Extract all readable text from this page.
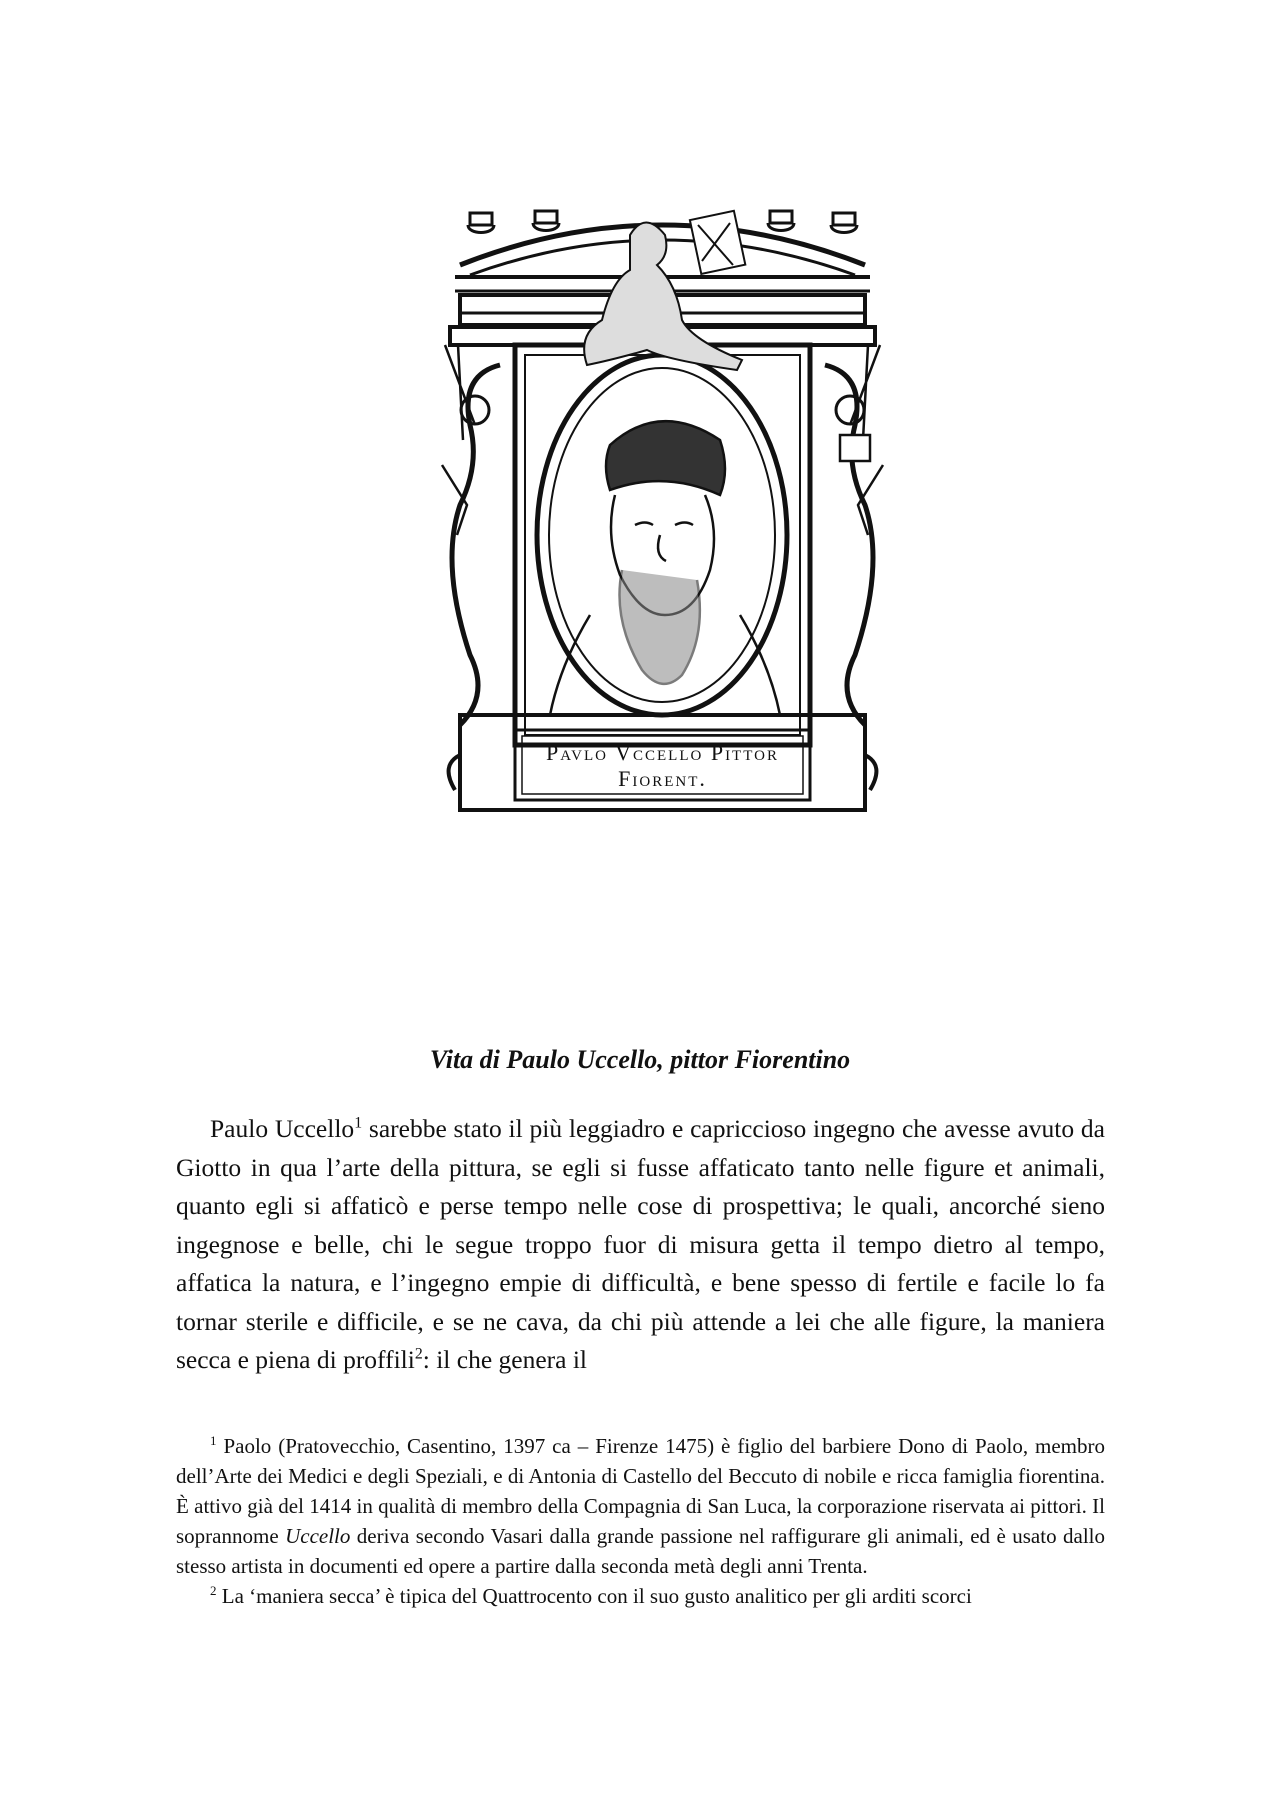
Pavlo Vccello Pittor
Fiorent.
Vita di Paulo Uccello, pittor Fiorentino

Paulo Uccello$^1$ sarebbe stato il più leggiadro e capriccioso ingegno che avesse avuto da Giotto in qua l’arte della pittura, se egli si fusse affaticato tanto nelle figure et animali, quanto egli si affaticò e perse tempo nelle cose di prospettiva; le quali, ancorché sieno ingegnose e belle, chi le segue troppo fuor di misura getta il tempo dietro al tempo, affatica la natura, e l’ingegno empie di difficultà, e bene spesso di fertile e facile lo fa tornar sterile e difficile, e se ne cava, da chi più attende a lei che alle figure, la maniera secca e piena di proffili$^2$: il che genera il

$^1$ Paolo (Pratovecchio, Casentino, 1397 ca – Firenze 1475) è figlio del barbiere Dono di Paolo, membro dell’Arte dei Medici e degli Speziali, e di Antonia di Castello del Beccuto di nobile e ricca famiglia fiorentina. È attivo già del 1414 in qualità di membro della Compagnia di San Luca, la corporazione riservata ai pittori. Il soprannome Uccello deriva secondo Vasari dalla grande passione nel raffigurare gli animali, ed è usato dallo stesso artista in documenti ed opere a partire dalla seconda metà degli anni Trenta.

$^2$ La ‘maniera secca’ è tipica del Quattrocento con il suo gusto analitico per gli arditi scorci
